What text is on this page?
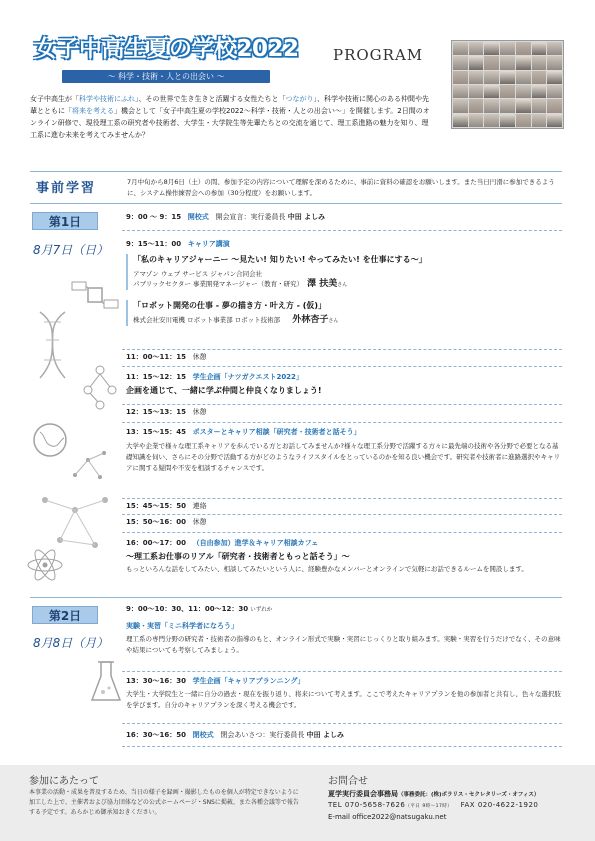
女子中高生夏の学校2022 PROGRAM
〜 科学・技術・人との出会い 〜
女子中高生が「科学や技術にふれ」、その世界で生き生きと活躍する女性たちと「つながり」、科学や技術に関心のある仲間や先輩とともに「将来を考える」機会として「女子中高生夏の学校2022〜科学・技術・人との出会い〜」を開催します。2日間のオンライン研修で、現役理工系の研究者や技術者、大学生・大学院生等先輩たちとの交流を通じて、理工系進路の魅力を知り、理工系に進む未来を考えてみませんか？
事前学習	7月中旬から8月6日（土）の間、参加予定の内容について理解を深めるために、事前に資料の確認をお願いします。また当日円滑に参加できるように、システム操作練習会への参加（30分程度）をお願いします。
第1日
8月7日（日）
9：00 〜 9：15 開校式 開会宣言：実行委員長 中田 よしみ
9：15〜11：00 キャリア講演
「私のキャリアジャーニー 〜見たい! 知りたい! やってみたい! を仕事にする〜」
アマゾン ウェブ サービス ジャパン合同会社
パブリックセクター 事業開発マネージャー（教育・研究） 澤 扶美さん
「ロボット開発の仕事 - 夢の描き方・叶え方 - (仮)」
株式会社安川電機 ロボット事業部 ロボット技術部 外林杏子さん
11：00〜11：15 休憩
11：15〜12：15 学生企画「ナツガクエスト2022」
企画を通じて、一緒に学ぶ仲間と仲良くなりましょう!
12：15〜13：15 休憩
13：15〜15：45 ポスターとキャリア相談「研究者・技術者と話そう」
大学や企業で様々な理工系キャリアを歩んでいる方とお話してみませんか?様々な理工系分野で活躍する方々に最先端の技術や各分野で必要となる基礎知識を伺い、さらにその分野で活動する方がどのようなライフスタイルをとっているのかを知る良い機会です。研究者や技術者に進路選択やキャリアに関する疑問や不安を相談するチャンスです。
15：45〜15：50 連絡
15：50〜16：00 休憩
16：00〜17：00 （自由参加）進学＆キャリア相談カフェ
〜理工系お仕事のリアル「研究者・技術者ともっと話そう」〜
もっといろんな話をしてみたい、相談してみたいという人に、経験豊かなメンバーとオンラインで気軽にお話できるルームを開設します。
第2日
8月8日（月）
9：00〜10：30、11：00〜12：30 いずれか
実験・実習「ミニ科学者になろう」
理工系の専門分野の研究者・技術者の指導のもと、オンライン形式で実験・実習にじっくりと取り組みます。実験・実習を行うだけでなく、その意味や結果についても考察してみましょう。
13：30〜16：30 学生企画「キャリアプランニング」
大学生・大学院生と一緒に自分の過去・現在を振り返り、将来について考えます。ここで考えたキャリアプランを他の参加者と共有し、色々な選択肢を学びます。自分のキャリアプランを深く考える機会です。
16：30〜16：50 閉校式 閉会あいさつ：実行委員長 中田 よしみ
参加にあたって
本事業の活動・成果を普及するため、当日の様子を録画・撮影したものを個人が特定できないように加工した上で、主催者および協力団体などの公式ホームページ・SNSに掲載、また各種会議等で報告する予定です。あらかじめ御承知おきください。
お問合せ
夏学実行委員会事務局（事務委託：(株)ボラリス・セクレタリーズ・オフィス）
TEL 070-5658-7626（平日 9時〜17時） FAX 020-4622-1920
E-mail office2022@natsugaku.net
